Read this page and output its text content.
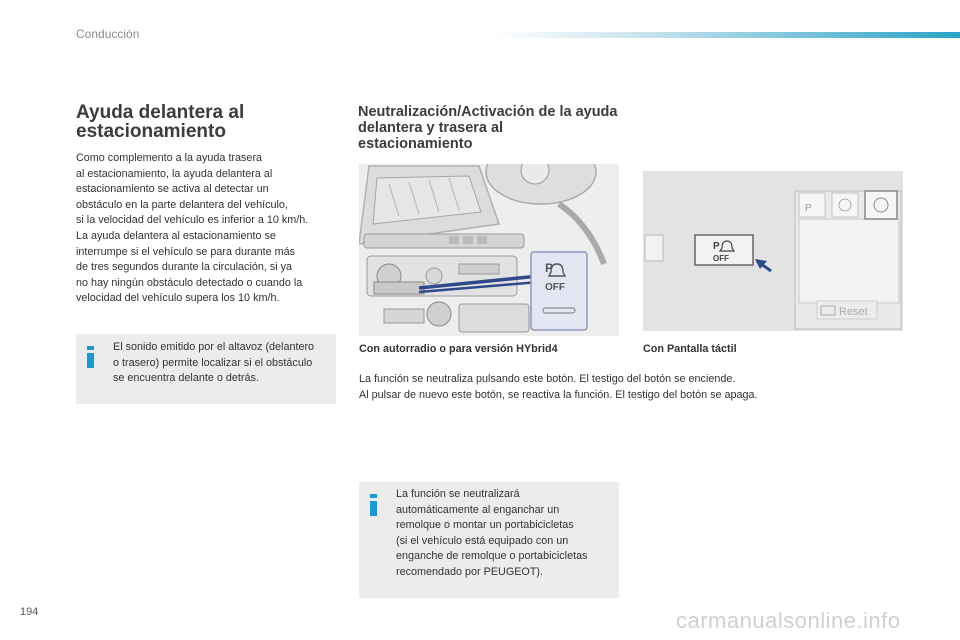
Conducción
Ayuda delantera al estacionamiento

Como complemento a la ayuda trasera
al estacionamiento, la ayuda delantera al
estacionamiento se activa al detectar un
obstáculo en la parte delantera del vehículo,
si la velocidad del vehículo es inferior a 10 km/h.
La ayuda delantera al estacionamiento se
interrumpe si el vehículo se para durante más
de tres segundos durante la circulación, si ya
no hay ningún obstáculo detectado o cuando la
velocidad del vehículo supera los 10 km/h.

El sonido emitido por el altavoz (delantero
o trasero) permite localizar si el obstáculo
se encuentra delante o detrás.

Neutralización/Activación de la ayuda delantera y trasera al estacionamiento
P
OFF
P
Reset
P
OFF
Con autorradio o para versión HYbrid4	Con Pantalla táctil

La función se neutraliza pulsando este botón. El testigo del botón se enciende.
Al pulsar de nuevo este botón, se reactiva la función. El testigo del botón se apaga.

La función se neutralizará
automáticamente al enganchar un
remolque o montar un portabicicletas
(si el vehículo está equipado con un
enganche de remolque o portabicicletas
recomendado por PEUGEOT).

194	carmanualsonline.info
